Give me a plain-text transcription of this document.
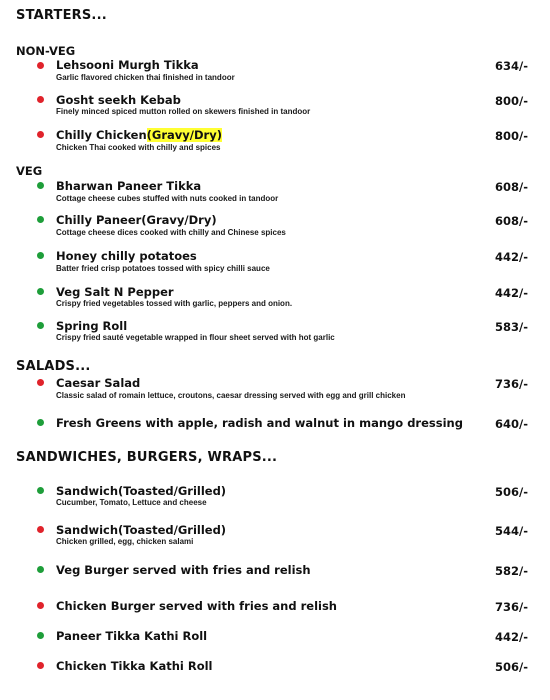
STARTERS...
NON-VEG
VEG
SALADS...
SANDWICHES, BURGERS, WRAPS...
Lehsooni Murgh Tikka
Garlic flavored chicken thai finished in tandoor
634/-
Gosht seekh Kebab
Finely minced spiced mutton rolled on skewers finished in tandoor
800/-
Chilly Chicken(Gravy/Dry)
Chicken Thai cooked with chilly and spices
800/-
Bharwan Paneer Tikka
Cottage cheese cubes stuffed with nuts cooked in tandoor
608/-
Chilly Paneer(Gravy/Dry)
Cottage cheese dices cooked with chilly and Chinese spices
608/-
Honey chilly potatoes
Batter fried crisp potatoes tossed with spicy chilli sauce
442/-
Veg Salt N Pepper
Crispy fried vegetables tossed with garlic, peppers and onion.
442/-
Spring Roll
Crispy fried sauté vegetable wrapped in flour sheet served with hot garlic
583/-
Caesar Salad
Classic salad of romain lettuce, croutons, caesar dressing served with egg and grill chicken
736/-
Fresh Greens with apple, radish and walnut in mango dressing	640/-
Sandwich(Toasted/Grilled)
Cucumber, Tomato, Lettuce and cheese
506/-
Sandwich(Toasted/Grilled)
Chicken grilled, egg, chicken salami
544/-
Veg Burger served with fries and relish	582/-
Chicken Burger served with fries and relish	736/-
Paneer Tikka Kathi Roll	442/-
Chicken Tikka Kathi Roll	506/-
